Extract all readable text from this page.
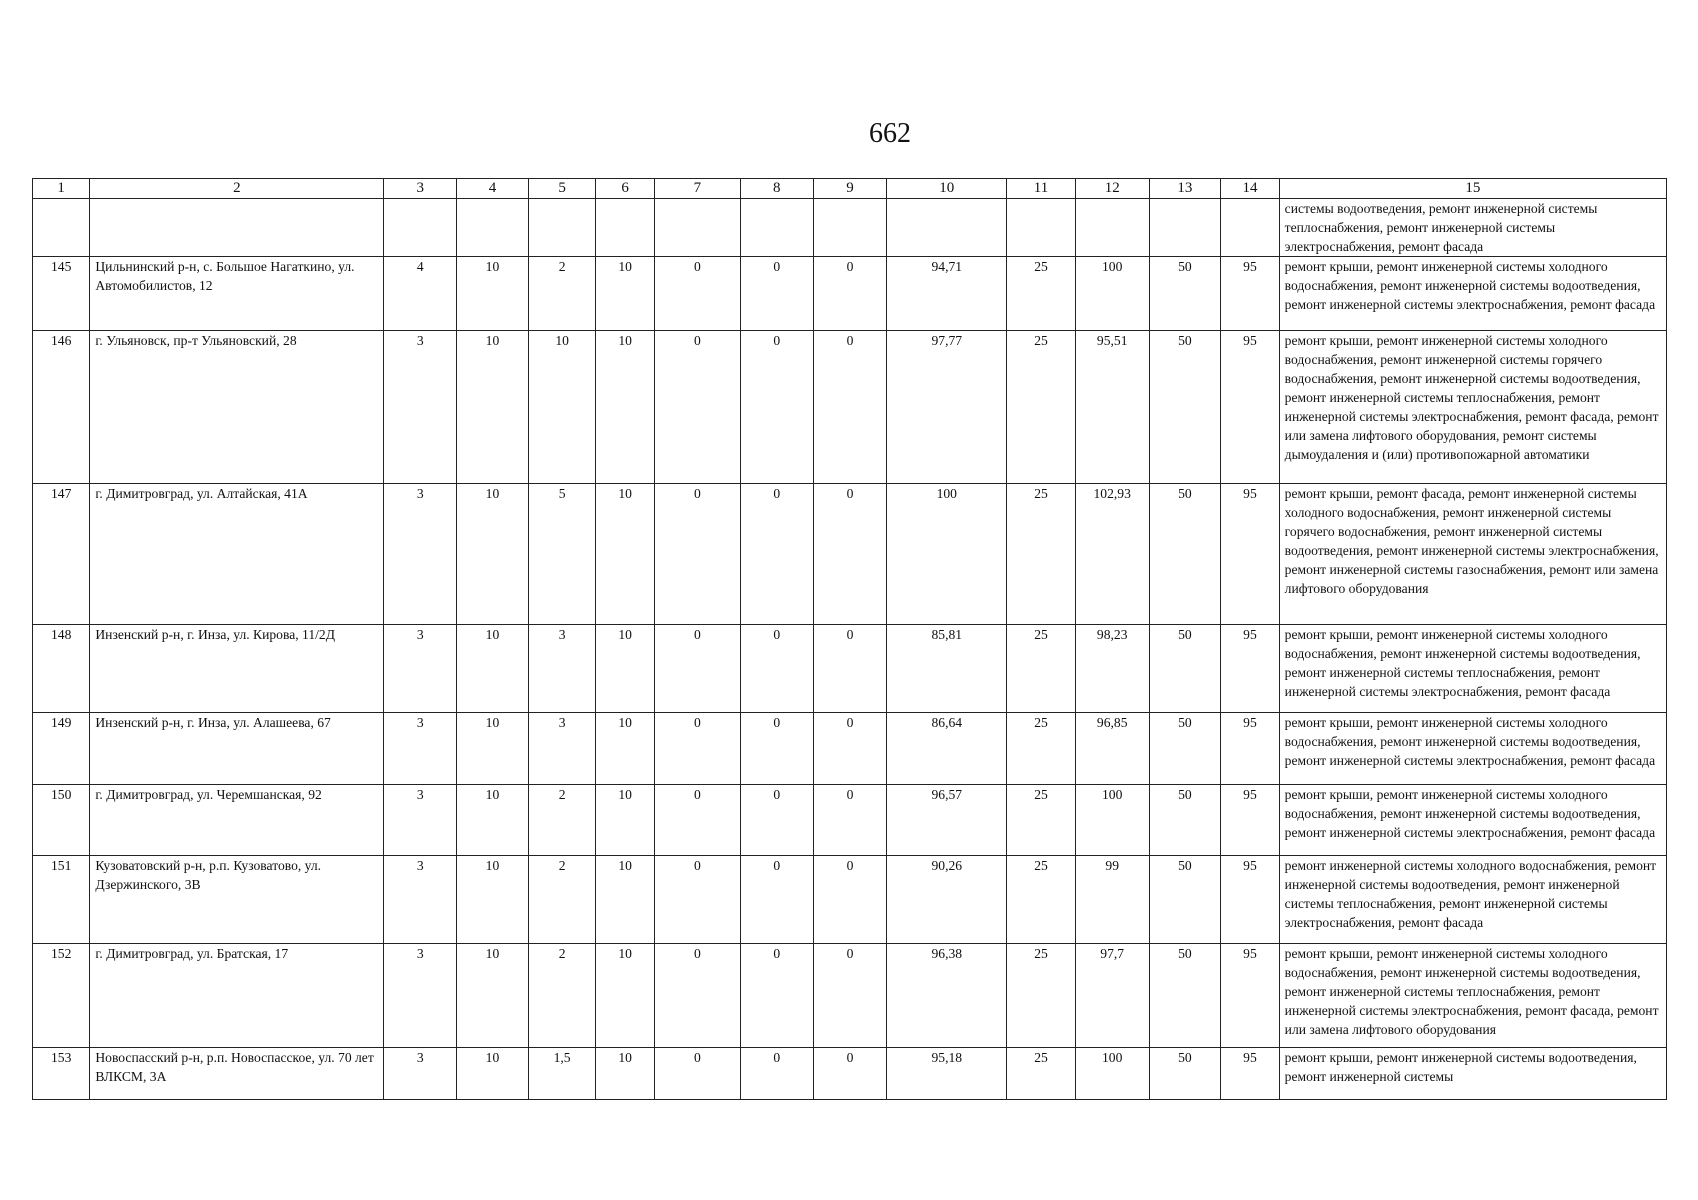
662
1	2	3	4	5	6	7	8	9	10	11	12	13	14	15
														системы водоотведения, ремонт инженерной системы теплоснабжения, ремонт инженерной системы электроснабжения, ремонт фасада
145	Цильнинский р-н, с. Большое Нагаткино, ул. Автомобилистов, 12	4	10	2	10	0	0	0	94,71	25	100	50	95	ремонт крыши, ремонт инженерной системы холодного водоснабжения, ремонт инженерной системы водоотведения, ремонт инженерной системы электроснабжения, ремонт фасада
146	г. Ульяновск, пр-т Ульяновский, 28	3	10	10	10	0	0	0	97,77	25	95,51	50	95	ремонт крыши, ремонт инженерной системы холодного водоснабжения, ремонт инженерной системы горячего водоснабжения, ремонт инженерной системы водоотведения, ремонт инженерной системы теплоснабжения, ремонт инженерной системы электроснабжения, ремонт фасада, ремонт или замена лифтового оборудования, ремонт системы дымоудаления и (или) противопожарной автоматики
147	г. Димитровград, ул. Алтайская, 41А	3	10	5	10	0	0	0	100	25	102,93	50	95	ремонт крыши, ремонт фасада, ремонт инженерной системы холодного водоснабжения, ремонт инженерной системы горячего водоснабжения, ремонт инженерной системы водоотведения, ремонт инженерной системы электроснабжения, ремонт инженерной системы газоснабжения, ремонт или замена лифтового оборудования
148	Инзенский р-н, г. Инза, ул. Кирова, 11/2Д	3	10	3	10	0	0	0	85,81	25	98,23	50	95	ремонт крыши, ремонт инженерной системы холодного водоснабжения, ремонт инженерной системы водоотведения, ремонт инженерной системы теплоснабжения, ремонт инженерной системы электроснабжения, ремонт фасада
149	Инзенский р-н, г. Инза, ул. Алашеева, 67	3	10	3	10	0	0	0	86,64	25	96,85	50	95	ремонт крыши, ремонт инженерной системы холодного водоснабжения, ремонт инженерной системы водоотведения, ремонт инженерной системы электроснабжения, ремонт фасада
150	г. Димитровград, ул. Черемшанская, 92	3	10	2	10	0	0	0	96,57	25	100	50	95	ремонт крыши, ремонт инженерной системы холодного водоснабжения, ремонт инженерной системы водоотведения, ремонт инженерной системы электроснабжения, ремонт фасада
151	Кузоватовский р-н, р.п. Кузоватово, ул. Дзержинского, 3В	3	10	2	10	0	0	0	90,26	25	99	50	95	ремонт инженерной системы холодного водоснабжения, ремонт инженерной системы водоотведения, ремонт инженерной системы теплоснабжения, ремонт инженерной системы электроснабжения, ремонт фасада
152	г. Димитровград, ул. Братская, 17	3	10	2	10	0	0	0	96,38	25	97,7	50	95	ремонт крыши, ремонт инженерной системы холодного водоснабжения, ремонт инженерной системы водоотведения, ремонт инженерной системы теплоснабжения, ремонт инженерной системы электроснабжения, ремонт фасада, ремонт или замена лифтового оборудования
153	Новоспасский р-н, р.п. Новоспасское, ул. 70 лет ВЛКСМ, 3А	3	10	1,5	10	0	0	0	95,18	25	100	50	95	ремонт крыши, ремонт инженерной системы водоотведения, ремонт инженерной системы
